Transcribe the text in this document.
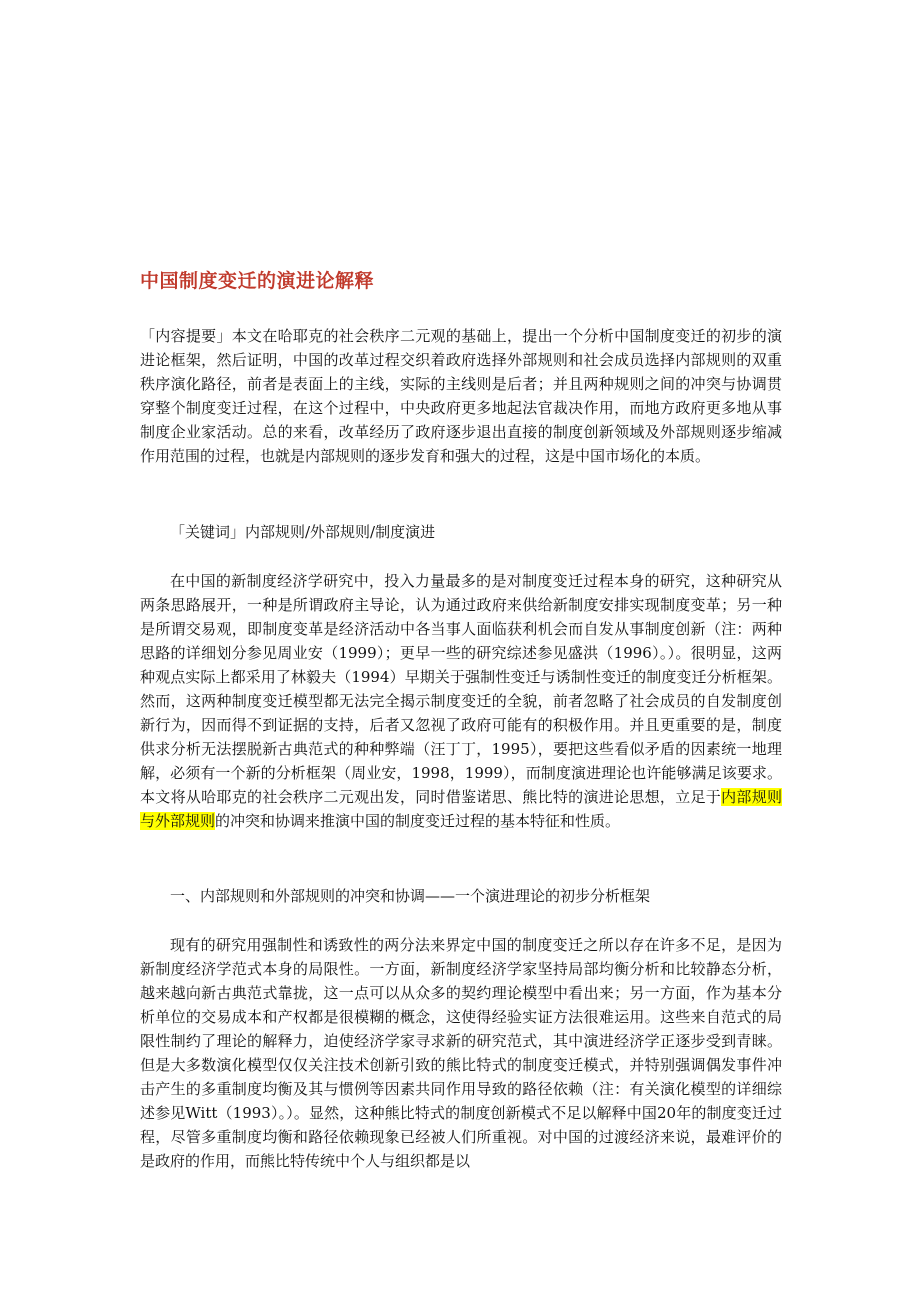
中国制度变迁的演进论解释

「内容提要」本文在哈耶克的社会秩序二元观的基础上，提出一个分析中国制度变迁的初步的演进论框架，然后证明，中国的改革过程交织着政府选择外部规则和社会成员选择内部规则的双重秩序演化路径，前者是表面上的主线，实际的主线则是后者；并且两种规则之间的冲突与协调贯穿整个制度变迁过程，在这个过程中，中央政府更多地起法官裁决作用，而地方政府更多地从事制度企业家活动。总的来看，改革经历了政府逐步退出直接的制度创新领域及外部规则逐步缩减作用范围的过程，也就是内部规则的逐步发育和强大的过程，这是中国市场化的本质。

「关键词」内部规则/外部规则/制度演进

在中国的新制度经济学研究中，投入力量最多的是对制度变迁过程本身的研究，这种研究从两条思路展开，一种是所谓政府主导论，认为通过政府来供给新制度安排实现制度变革；另一种是所谓交易观，即制度变革是经济活动中各当事人面临获利机会而自发从事制度创新（注：两种思路的详细划分参见周业安（1999）；更早一些的研究综述参见盛洪（1996）。）。很明显，这两种观点实际上都采用了林毅夫（1994）早期关于强制性变迁与诱制性变迁的制度变迁分析框架。然而，这两种制度变迁模型都无法完全揭示制度变迁的全貌，前者忽略了社会成员的自发制度创新行为，因而得不到证据的支持，后者又忽视了政府可能有的积极作用。并且更重要的是，制度供求分析无法摆脱新古典范式的种种弊端（汪丁丁，1995），要把这些看似矛盾的因素统一地理解，必须有一个新的分析框架（周业安，1998，1999），而制度演进理论也许能够满足该要求。本文将从哈耶克的社会秩序二元观出发，同时借鉴诺思、熊比特的演进论思想，立足于内部规则与外部规则的冲突和协调来推演中国的制度变迁过程的基本特征和性质。

一、内部规则和外部规则的冲突和协调——一个演进理论的初步分析框架

现有的研究用强制性和诱致性的两分法来界定中国的制度变迁之所以存在许多不足，是因为新制度经济学范式本身的局限性。一方面，新制度经济学家坚持局部均衡分析和比较静态分析，越来越向新古典范式靠拢，这一点可以从众多的契约理论模型中看出来；另一方面，作为基本分析单位的交易成本和产权都是很模糊的概念，这使得经验实证方法很难运用。这些来自范式的局限性制约了理论的解释力，迫使经济学家寻求新的研究范式，其中演进经济学正逐步受到青睐。但是大多数演化模型仅仅关注技术创新引致的熊比特式的制度变迁模式，并特别强调偶发事件冲击产生的多重制度均衡及其与惯例等因素共同作用导致的路径依赖（注：有关演化模型的详细综述参见Witt（1993）。）。显然，这种熊比特式的制度创新模式不足以解释中国20年的制度变迁过程，尽管多重制度均衡和路径依赖现象已经被人们所重视。对中国的过渡经济来说，最难评价的是政府的作用，而熊比特传统中个人与组织都是以
